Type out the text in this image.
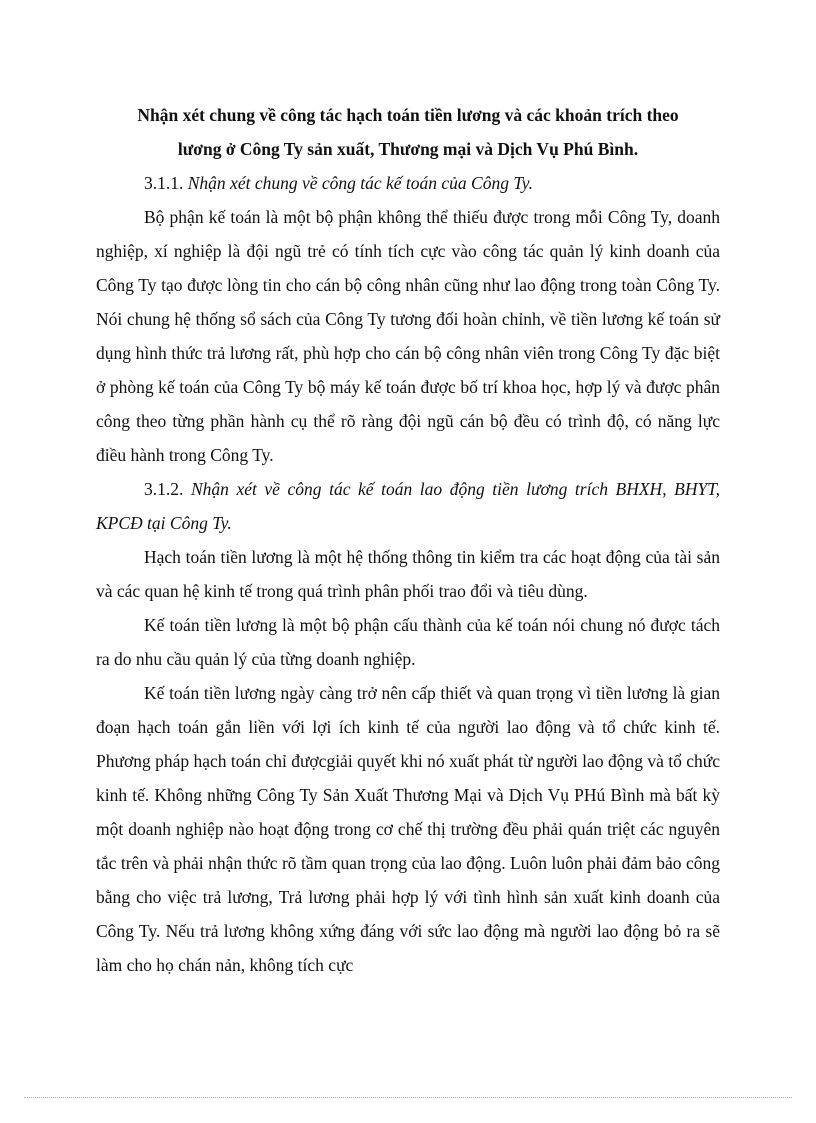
Nhận xét chung về công tác hạch toán tiền lương và các khoản trích theo
lương ở Công Ty sản xuất, Thương mại và Dịch Vụ Phú Bình.

3.1.1. Nhận xét chung về công tác kế toán của Công Ty.

Bộ phận kế toán là một bộ phận không thể thiếu được trong mỗi Công Ty, doanh nghiệp, xí nghiệp là đội ngũ trẻ có tính tích cực vào công tác quản lý kinh doanh của Công Ty tạo được lòng tin cho cán bộ công nhân cũng như lao động trong toàn Công Ty. Nói chung hệ thống sổ sách của Công Ty tương đối hoàn chỉnh, về tiền lương kế toán sử dụng hình thức trả lương rất, phù hợp cho cán bộ công nhân viên trong Công Ty đặc biệt ở phòng kế toán của Công Ty bộ máy kế toán được bố trí khoa học, hợp lý và được phân công theo từng phần hành cụ thể rõ ràng đội ngũ cán bộ đều có trình độ, có năng lực điều hành trong Công Ty.

3.1.2. Nhận xét về công tác kế toán lao động tiền lương trích BHXH, BHYT, KPCĐ tại Công Ty.

Hạch toán tiền lương là một hệ thống thông tin kiểm tra các hoạt động của tài sản và các quan hệ kinh tế trong quá trình phân phối trao đổi và tiêu dùng.

Kế toán tiền lương là một bộ phận cấu thành của kế toán nói chung nó được tách ra do nhu cầu quản lý của từng doanh nghiệp.

Kế toán tiền lương ngày càng trở nên cấp thiết và quan trọng vì tiền lương là gian đoạn hạch toán gắn liền với lợi ích kinh tế của người lao động và tổ chức kinh tế. Phương pháp hạch toán chỉ đượcgiải quyết khi nó xuất phát từ người lao động và tổ chức kinh tế. Không những Công Ty Sản Xuất Thương Mại và Dịch Vụ PHú Bình mà bất kỳ một doanh nghiệp nào hoạt động trong cơ chế thị trường đều phải quán triệt các nguyên tắc trên và phải nhận thức rõ tầm quan trọng của lao động. Luôn luôn phải đảm bảo công bằng cho việc trả lương, Trả lương phải hợp lý với tình hình sản xuất kinh doanh của Công Ty. Nếu trả lương không xứng đáng với sức lao động mà người lao động bỏ ra sẽ làm cho họ chán nản, không tích cực
